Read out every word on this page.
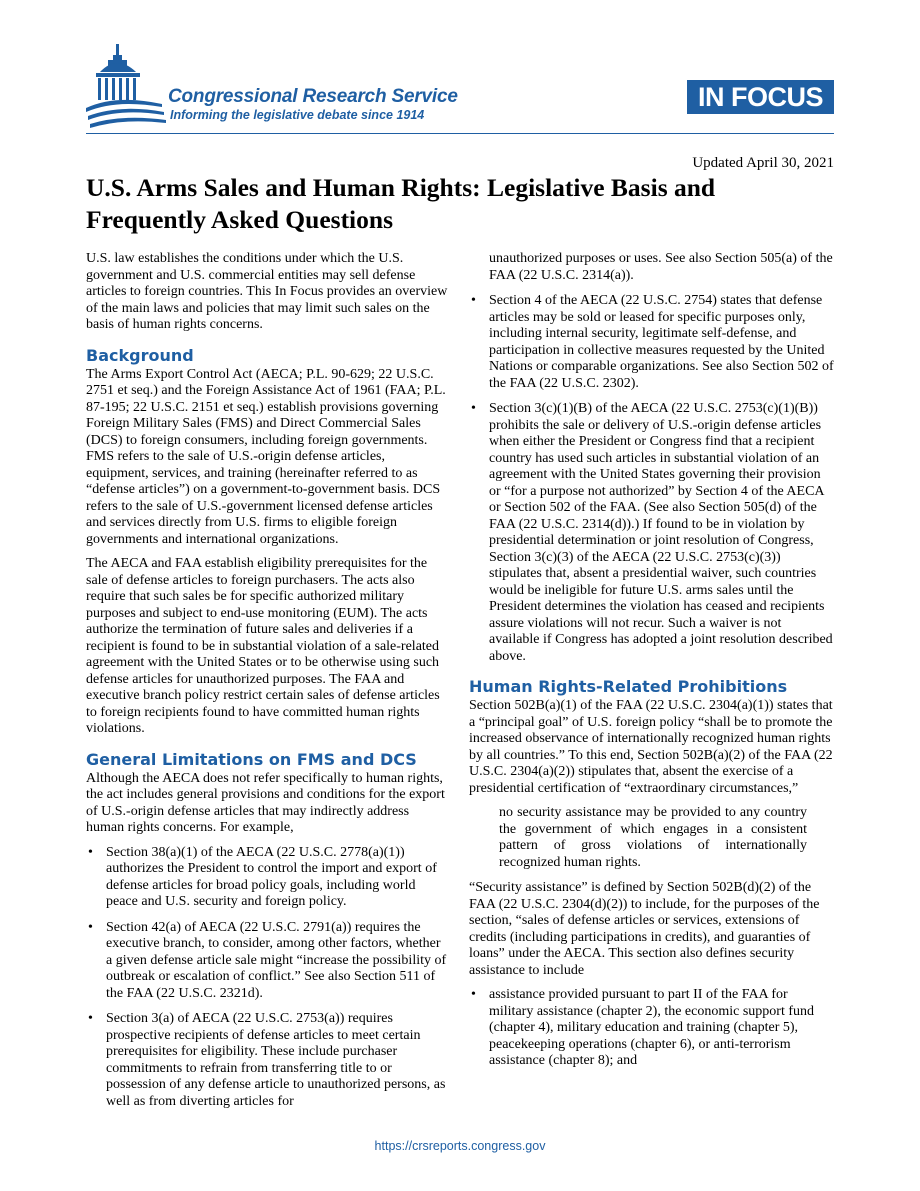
Congressional Research Service
Informing the legislative debate since 1914
IN FOCUS
Updated April 30, 2021
U.S. Arms Sales and Human Rights: Legislative Basis and Frequently Asked Questions

U.S. law establishes the conditions under which the U.S. government and U.S. commercial entities may sell defense articles to foreign countries. This In Focus provides an overview of the main laws and policies that may limit such sales on the basis of human rights concerns.

Background

The Arms Export Control Act (AECA; P.L. 90-629; 22 U.S.C. 2751 et seq.) and the Foreign Assistance Act of 1961 (FAA; P.L. 87-195; 22 U.S.C. 2151 et seq.) establish provisions governing Foreign Military Sales (FMS) and Direct Commercial Sales (DCS) to foreign consumers, including foreign governments. FMS refers to the sale of U.S.-origin defense articles, equipment, services, and training (hereinafter referred to as “defense articles”) on a government-to-government basis. DCS refers to the sale of U.S.-government licensed defense articles and services directly from U.S. firms to eligible foreign governments and international organizations.

The AECA and FAA establish eligibility prerequisites for the sale of defense articles to foreign purchasers. The acts also require that such sales be for specific authorized military purposes and subject to end-use monitoring (EUM). The acts authorize the termination of future sales and deliveries if a recipient is found to be in substantial violation of a sale-related agreement with the United States or to be otherwise using such defense articles for unauthorized purposes. The FAA and executive branch policy restrict certain sales of defense articles to foreign recipients found to have committed human rights violations.

General Limitations on FMS and DCS

Although the AECA does not refer specifically to human rights, the act includes general provisions and conditions for the export of U.S.-origin defense articles that may indirectly address human rights concerns. For example,

• Section 38(a)(1) of the AECA (22 U.S.C. 2778(a)(1)) authorizes the President to control the import and export of defense articles for broad policy goals, including world peace and U.S. security and foreign policy.
• Section 42(a) of AECA (22 U.S.C. 2791(a)) requires the executive branch, to consider, among other factors, whether a given defense article sale might “increase the possibility of outbreak or escalation of conflict.” See also Section 511 of the FAA (22 U.S.C. 2321d).
• Section 3(a) of AECA (22 U.S.C. 2753(a)) requires prospective recipients of defense articles to meet certain prerequisites for eligibility. These include purchaser commitments to refrain from transferring title to or possession of any defense article to unauthorized persons, as well as from diverting articles for
unauthorized purposes or uses. See also Section 505(a) of the FAA (22 U.S.C. 2314(a)).
• Section 4 of the AECA (22 U.S.C. 2754) states that defense articles may be sold or leased for specific purposes only, including internal security, legitimate self-defense, and participation in collective measures requested by the United Nations or comparable organizations. See also Section 502 of the FAA (22 U.S.C. 2302).
• Section 3(c)(1)(B) of the AECA (22 U.S.C. 2753(c)(1)(B)) prohibits the sale or delivery of U.S.-origin defense articles when either the President or Congress find that a recipient country has used such articles in substantial violation of an agreement with the United States governing their provision or “for a purpose not authorized” by Section 4 of the AECA or Section 502 of the FAA. (See also Section 505(d) of the FAA (22 U.S.C. 2314(d)).) If found to be in violation by presidential determination or joint resolution of Congress, Section 3(c)(3) of the AECA (22 U.S.C. 2753(c)(3)) stipulates that, absent a presidential waiver, such countries would be ineligible for future U.S. arms sales until the President determines the violation has ceased and recipients assure violations will not recur. Such a waiver is not available if Congress has adopted a joint resolution described above.
Human Rights-Related Prohibitions

Section 502B(a)(1) of the FAA (22 U.S.C. 2304(a)(1)) states that a “principal goal” of U.S. foreign policy “shall be to promote the increased observance of internationally recognized human rights by all countries.” To this end, Section 502B(a)(2) of the FAA (22 U.S.C. 2304(a)(2)) stipulates that, absent the exercise of a presidential certification of “extraordinary circumstances,”

no security assistance may be provided to any country the government of which engages in a consistent pattern of gross violations of internationally recognized human rights.

“Security assistance” is defined by Section 502B(d)(2) of the FAA (22 U.S.C. 2304(d)(2)) to include, for the purposes of the section, “sales of defense articles or services, extensions of credits (including participations in credits), and guaranties of loans” under the AECA. This section also defines security assistance to include

• assistance provided pursuant to part II of the FAA for military assistance (chapter 2), the economic support fund (chapter 4), military education and training (chapter 5), peacekeeping operations (chapter 6), or anti-terrorism assistance (chapter 8); and
https://crsreports.congress.gov
